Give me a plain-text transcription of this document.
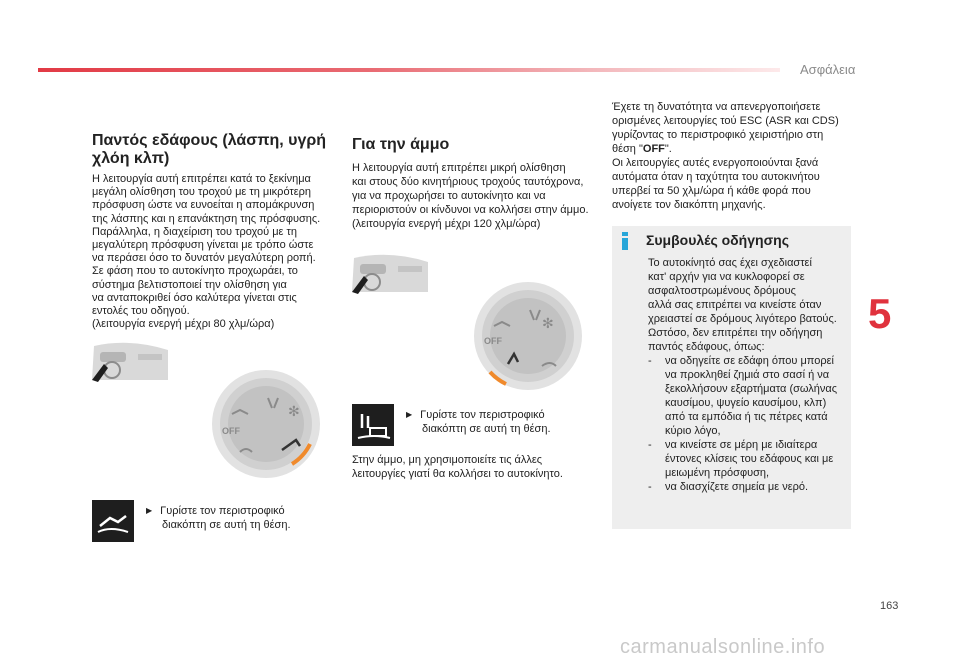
Ασφάλεια
5
163
Παντός εδάφους (λάσπη, υγρή
χλόη κλπ)

Η λειτουργία αυτή επιτρέπει κατά το ξεκίνημα

μεγάλη ολίσθηση του τροχού με τη μικρότερη

πρόσφυση ώστε να ευνοείται η απομάκρυνση

της λάσπης και η επανάκτηση της πρόσφυσης.

Παράλληλα, η διαχείριση του τροχού με τη

μεγαλύτερη πρόσφυση γίνεται με τρόπο ώστε

να περάσει όσο το δυνατόν μεγαλύτερη ροπή.

Σε φάση που το αυτοκίνητο προχωράει, το

σύστημα βελτιστοποιεί την ολίσθηση για

να ανταποκριθεί όσο καλύτερα γίνεται στις

εντολές του οδηγού.

(λειτουργία ενεργή μέχρι 80 χλμ/ώρα)

✻
OFF
▶ Γυρίστε τον περιστροφικό
διακόπτη σε αυτή τη θέση.
Για την άμμο

Η λειτουργία αυτή επιτρέπει μικρή ολίσθηση

και στους δύο κινητήριους τροχούς ταυτόχρονα,

για να προχωρήσει το αυτοκίνητο και να

περιοριστούν οι κίνδυνοι να κολλήσει στην άμμο.

(λειτουργία ενεργή μέχρι 120 χλμ/ώρα)

✻
OFF
▶ Γυρίστε τον περιστροφικό
διακόπτη σε αυτή τη θέση.

Στην άμμο, μη χρησιμοποιείτε τις άλλες

λειτουργίες γιατί θα κολλήσει το αυτοκίνητο.

Έχετε τη δυνατότητα να απενεργοποιήσετε

ορισμένες λειτουργίες τού ESC (ASR και CDS)

γυρίζοντας το περιστροφικό χειριστήριο στη

θέση "OFF".

Οι λειτουργίες αυτές ενεργοποιούνται ξανά

αυτόματα όταν η ταχύτητα του αυτοκινήτου

υπερβεί τα 50 χλμ/ώρα ή κάθε φορά που

ανοίγετε τον διακόπτη μηχανής.

Συμβουλές οδήγησης
Το αυτοκίνητό σας έχει σχεδιαστεί
κατ' αρχήν για να κυκλοφορεί σε
ασφαλτοστρωμένους δρόμους
αλλά σας επιτρέπει να κινείστε όταν
χρειαστεί σε δρόμους λιγότερο βατούς.
Ωστόσο, δεν επιτρέπει την οδήγηση
παντός εδάφους, όπως:
- να οδηγείτε σε εδάφη όπου μπορεί
να προκληθεί ζημιά στο σασί ή να
ξεκολλήσουν εξαρτήματα (σωλήνας
καυσίμου, ψυγείο καυσίμου, κλπ)
από τα εμπόδια ή τις πέτρες κατά
κύριο λόγο,
- να κινείστε σε μέρη με ιδιαίτερα
έντονες κλίσεις του εδάφους και με
μειωμένη πρόσφυση,
- να διασχίζετε σημεία με νερό.
carmanualsonline.info
